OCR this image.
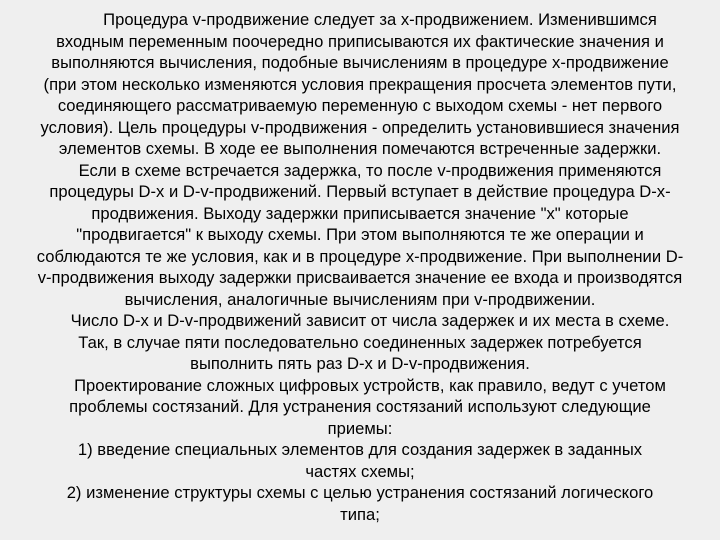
Процедура v-продвижение следует за x-продвижением. Изменившимся
входным переменным поочередно приписываются их фактические значения и
выполняются вычисления, подобные вычислениям в процедуре x-продвижение
(при этом несколько изменяются условия прекращения просчета элементов пути,
соединяющего рассматриваемую переменную с выходом схемы - нет первого
условия). Цель процедуры v-продвижения - определить установившиеся значения
элементов схемы. В ходе ее выполнения помечаются встреченные задержки.
Если в схеме встречается задержка, то после v-продвижения применяются
процедуры D-x и D-v-продвижений. Первый вступает в действие процедура D-x-
продвижения. Выходу задержки приписывается значение "х" которые
"продвигается" к выходу схемы. При этом выполняются те же операции и
соблюдаются те же условия, как и в процедуре x-продвижение. При выполнении D-
v-продвижения выходу задержки присваивается значение ее входа и производятся
вычисления, аналогичные вычислениям при v-продвижении.
Число D-x и D-v-продвижений зависит от числа задержек и их места в схеме.
Так, в случае пяти последовательно соединенных задержек потребуется
выполнить пять раз D-x и D-v-продвижения.
Проектирование сложных цифровых устройств, как правило, ведут с учетом
проблемы состязаний. Для устранения состязаний используют следующие
приемы:
1) введение специальных элементов для создания задержек в заданных
частях схемы;
2) изменение структуры схемы с целью устранения состязаний логического
типа;
